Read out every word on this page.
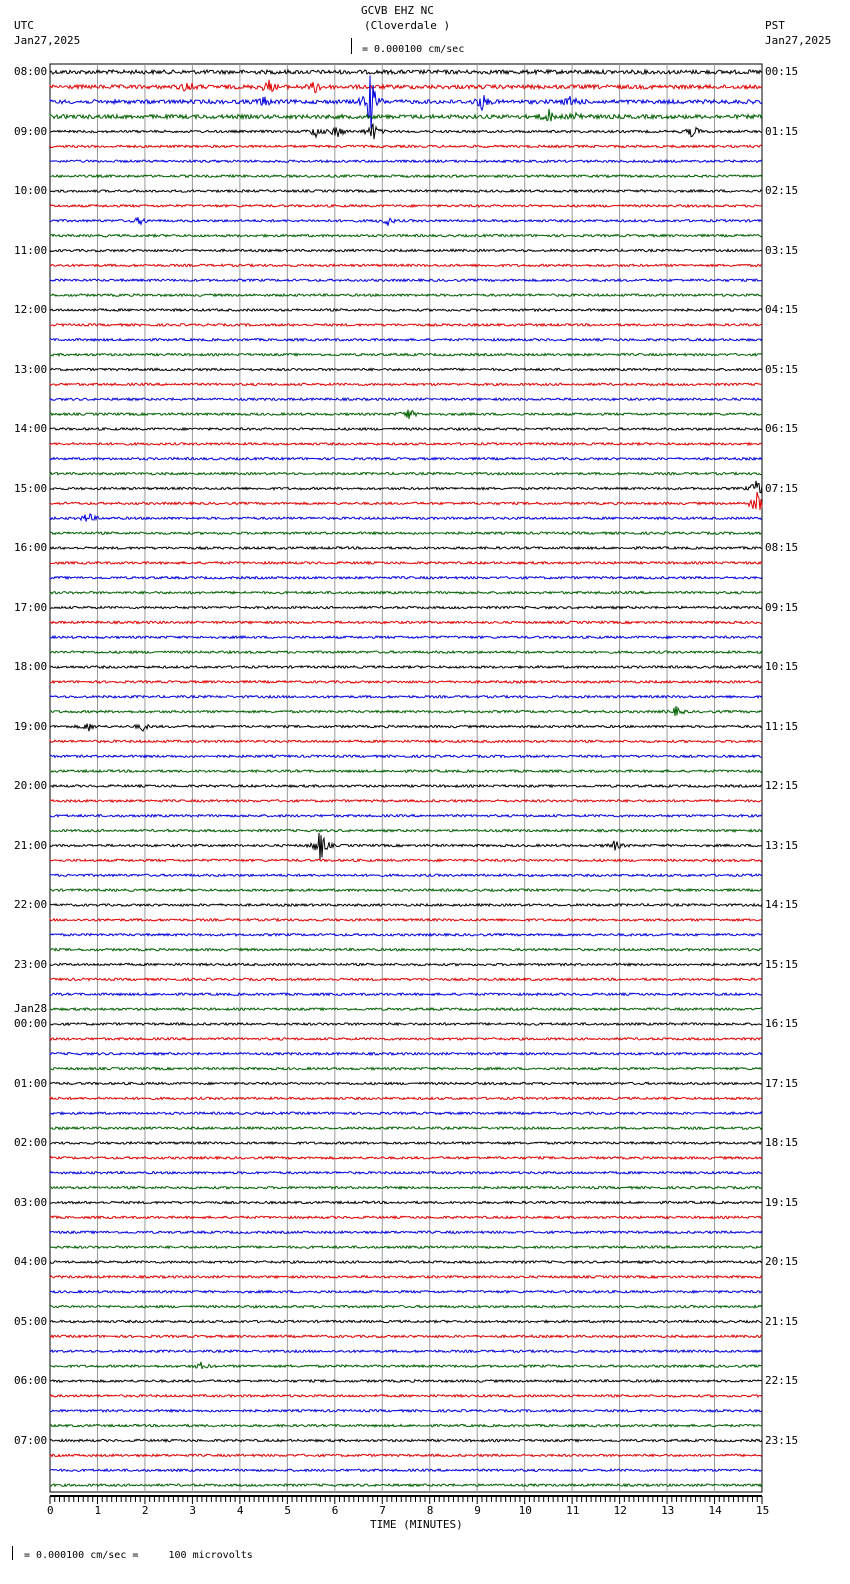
GCVB EHZ NC
(Cloverdale )
UTC
Jan27,2025
PST
Jan27,2025
= 0.000100 cm/sec
TIME (MINUTES)
= 0.000100 cm/sec =     100 microvolts
0	1	2	3	4	5	6	7	8	9	10	11	12	13	14	15
08:00
09:00
10:00
11:00
12:00
13:00
14:00
15:00
16:00
17:00
18:00
19:00
20:00
21:00
22:00
23:00
00:00
01:00
02:00
03:00
04:00
05:00
06:00
07:00
00:15
01:15
02:15
03:15
04:15
05:15
06:15
07:15
08:15
09:15
10:15
11:15
12:15
13:15
14:15
15:15
16:15
17:15
18:15
19:15
20:15
21:15
22:15
23:15
Jan28
